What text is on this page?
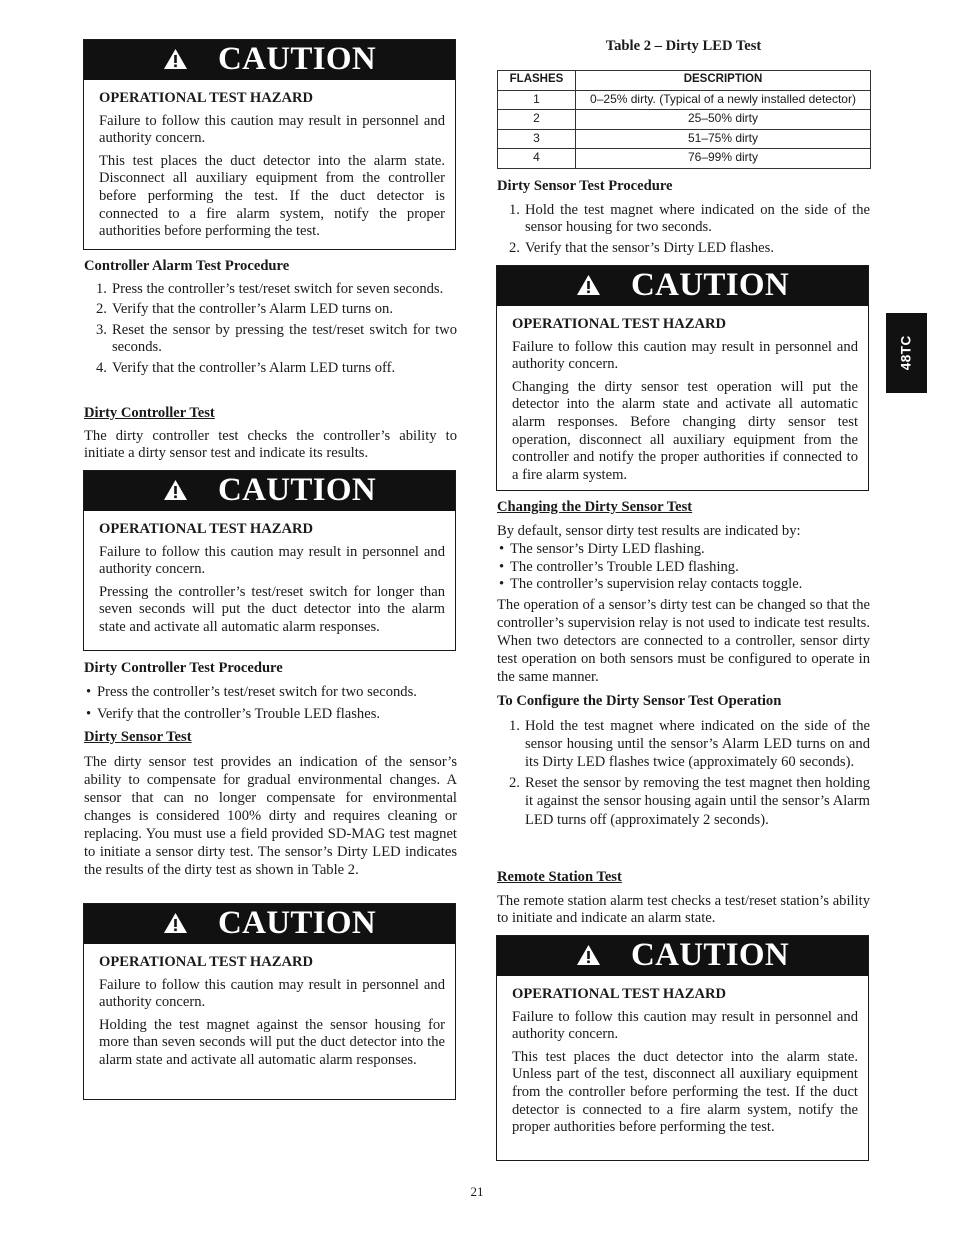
CAUTION

OPERATIONAL TEST HAZARD

Failure to follow this caution may result in personnel and authority concern.

This test places the duct detector into the alarm state. Disconnect all auxiliary equipment from the controller before performing the test. If the duct detector is connected to a fire alarm system, notify the proper authorities before performing the test.

Controller Alarm Test Procedure
1. Press the controller’s test/reset switch for seven seconds.
2. Verify that the controller’s Alarm LED turns on.
3. Reset the sensor by pressing the test/reset switch for two seconds.
4. Verify that the controller’s Alarm LED turns off.
Dirty Controller Test
The dirty controller test checks the controller’s ability to initiate a dirty sensor test and indicate its results.
CAUTION

OPERATIONAL TEST HAZARD

Failure to follow this caution may result in personnel and authority concern.

Pressing the controller’s test/reset switch for longer than seven seconds will put the duct detector into the alarm state and activate all automatic alarm responses.

Dirty Controller Test Procedure
• Press the controller’s test/reset switch for two seconds.
• Verify that the controller’s Trouble LED flashes.
Dirty Sensor Test
The dirty sensor test provides an indication of the sensor’s ability to compensate for gradual environmental changes. A sensor that can no longer compensate for environmental changes is considered 100% dirty and requires cleaning or replacing. You must use a field provided SD-MAG test magnet to initiate a sensor dirty test. The sensor’s Dirty LED indicates the results of the dirty test as shown in Table 2.
CAUTION

OPERATIONAL TEST HAZARD

Failure to follow this caution may result in personnel and authority concern.

Holding the test magnet against the sensor housing for more than seven seconds will put the duct detector into the alarm state and activate all automatic alarm responses.

Table 2 – Dirty LED Test
FLASHES	DESCRIPTION
1	0–25% dirty. (Typical of a newly installed detector)
2	25–50% dirty
3	51–75% dirty
4	76–99% dirty
Dirty Sensor Test Procedure
1. Hold the test magnet where indicated on the side of the sensor housing for two seconds.
2. Verify that the sensor’s Dirty LED flashes.
CAUTION

OPERATIONAL TEST HAZARD

Failure to follow this caution may result in personnel and authority concern.

Changing the dirty sensor test operation will put the detector into the alarm state and activate all automatic alarm responses. Before changing dirty sensor test operation, disconnect all auxiliary equipment from the controller and notify the proper authorities if connected to a fire alarm system.

Changing the Dirty Sensor Test
By default, sensor dirty test results are indicated by:
• The sensor’s Dirty LED flashing.
• The controller’s Trouble LED flashing.
• The controller’s supervision relay contacts toggle.
The operation of a sensor’s dirty test can be changed so that the controller’s supervision relay is not used to indicate test results. When two detectors are connected to a controller, sensor dirty test operation on both sensors must be configured to operate in the same manner.
To Configure the Dirty Sensor Test Operation
1. Hold the test magnet where indicated on the side of the sensor housing until the sensor’s Alarm LED turns on and its Dirty LED flashes twice (approximately 60 seconds).
2. Reset the sensor by removing the test magnet then holding it against the sensor housing again until the sensor’s Alarm LED turns off (approximately 2 seconds).
Remote Station Test
The remote station alarm test checks a test/reset station’s ability to initiate and indicate an alarm state.
CAUTION

OPERATIONAL TEST HAZARD

Failure to follow this caution may result in personnel and authority concern.

This test places the duct detector into the alarm state. Unless part of the test, disconnect all auxiliary equipment from the controller before performing the test. If the duct detector is connected to a fire alarm system, notify the proper authorities before performing the test.

48TC
21
